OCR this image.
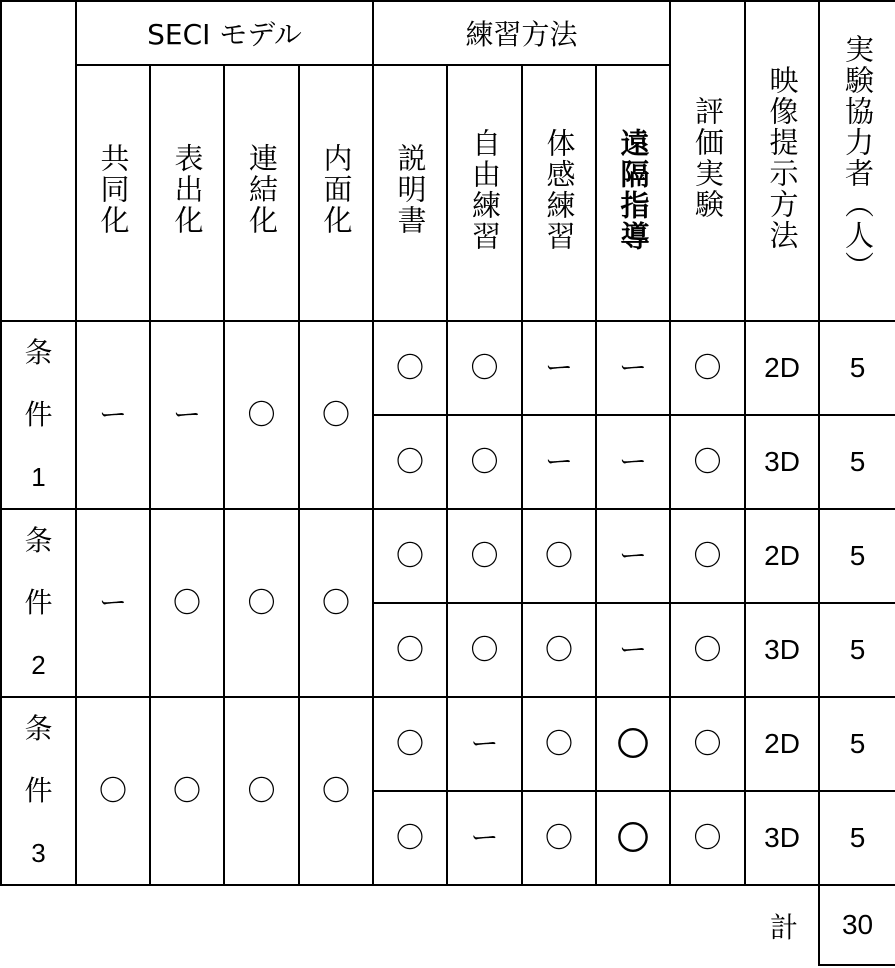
	SECI モデル				練習方法				評価実験	映像提示方法	実験協力者（人）
	共同化	表出化	連結化	内面化	説明書	自由練習	体感練習	遠隔指導			

条
件
1	ー	ー	〇	〇	〇	〇	ー	ー	〇	2D	5
					〇	〇	ー	ー	〇	3D	5

条
件
2	ー	〇	〇	〇	〇	〇	〇	ー	〇	2D	5
					〇	〇	〇	ー	〇	3D	5

条
件
3	〇	〇	〇	〇	〇	ー	〇	〇	〇	2D	5
					〇	ー	〇	〇	〇	3D	5
計											30
